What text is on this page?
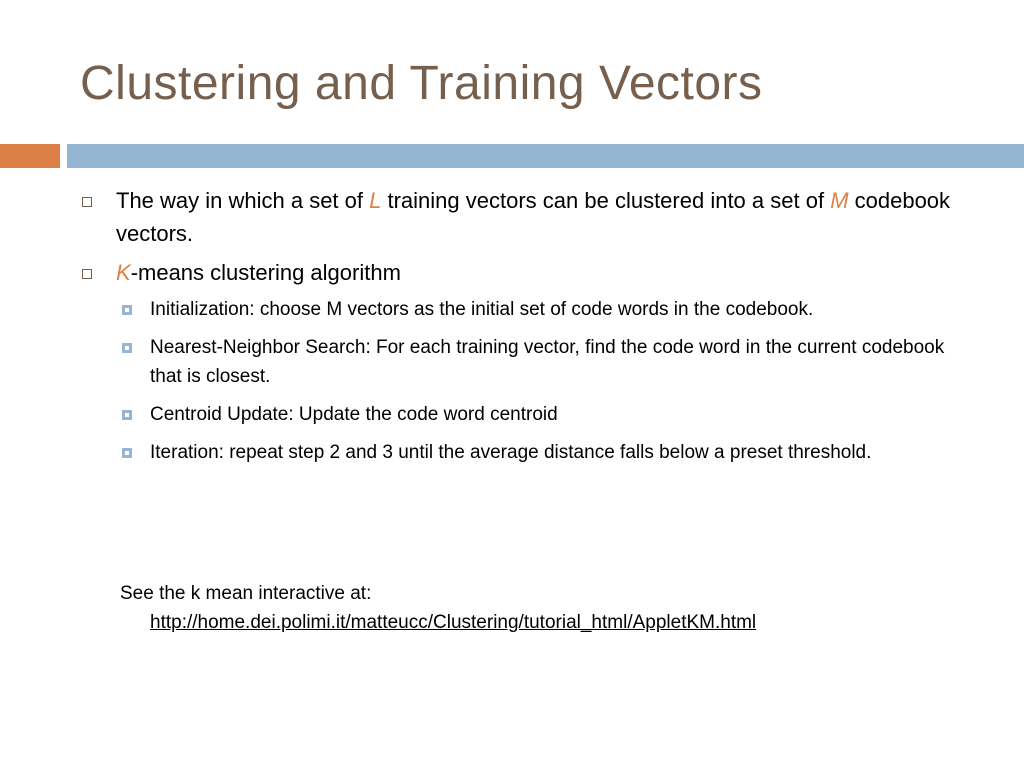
Clustering and Training Vectors
The way in which a set of L training vectors can be clustered into a set of M codebook vectors.
K-means clustering algorithm
Initialization: choose M vectors as the initial set of code words in the codebook.
Nearest-Neighbor Search: For each training vector, find the code word in the current codebook that is closest.
Centroid Update: Update the code word centroid
Iteration: repeat step 2 and 3 until the average distance falls below a preset threshold.
See the k mean interactive at:
http://home.dei.polimi.it/matteucc/Clustering/tutorial_html/AppletKM.html
